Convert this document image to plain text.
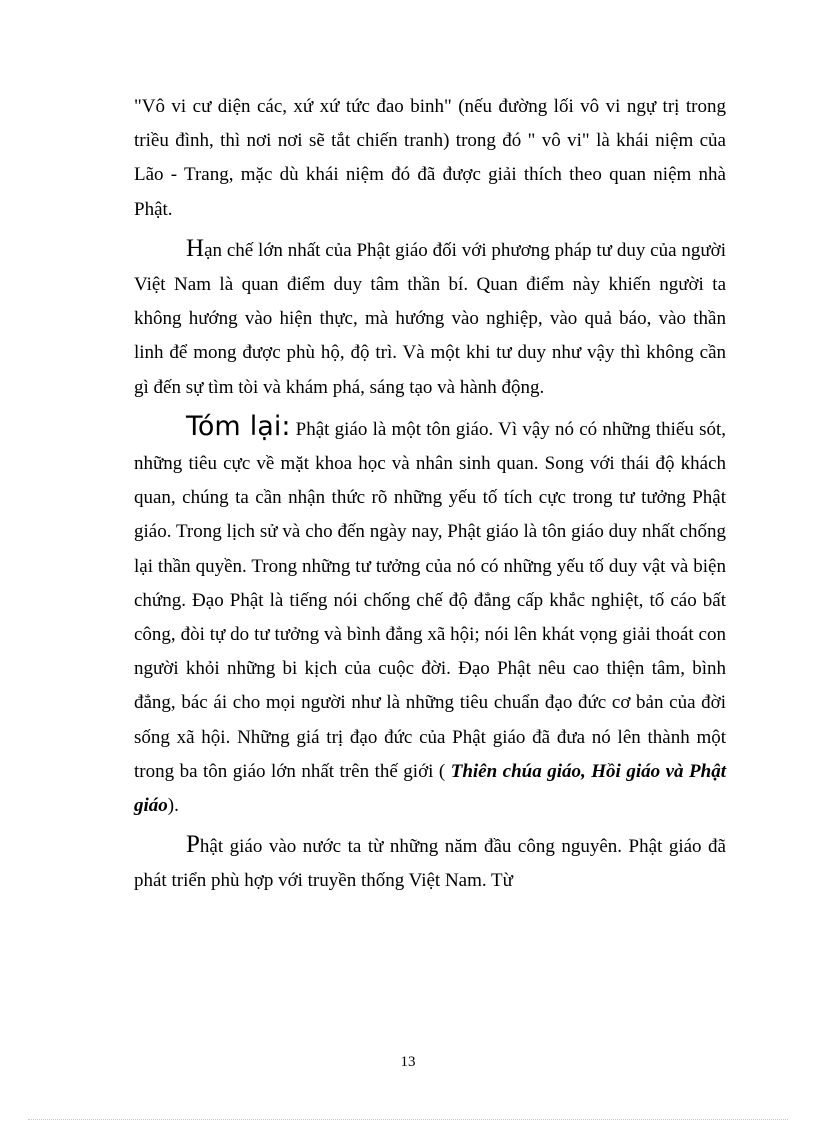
"Vô vi cư diện các, xứ xứ tức đao binh" (nếu đường lối vô vi ngự trị trong triều đình, thì nơi nơi sẽ tắt chiến tranh) trong đó " vô vi" là khái niệm của Lão - Trang, mặc dù khái niệm đó đã được giải thích theo quan niệm nhà Phật.

Hạn chế lớn nhất của Phật giáo đối với phương pháp tư duy của người Việt Nam là quan điểm duy tâm thần bí. Quan điểm này khiến người ta không hướng vào hiện thực, mà hướng vào nghiệp, vào quả báo, vào thần linh để mong được phù hộ, độ trì. Và một khi tư duy như vậy thì không cần gì đến sự tìm tòi và khám phá, sáng tạo và hành động.

Tóm lại: Phật giáo là một tôn giáo. Vì vậy nó có những thiếu sót, những tiêu cực về mặt khoa học và nhân sinh quan. Song với thái độ khách quan, chúng ta cần nhận thức rõ những yếu tố tích cực trong tư tưởng Phật giáo. Trong lịch sử và cho đến ngày nay, Phật giáo là tôn giáo duy nhất chống lại thần quyền. Trong những tư tưởng của nó có những yếu tố duy vật và biện chứng. Đạo Phật là tiếng nói chống chế độ đẳng cấp khắc nghiệt, tố cáo bất công, đòi tự do tư tưởng và bình đẳng xã hội; nói lên khát vọng giải thoát con người khỏi những bi kịch của cuộc đời. Đạo Phật nêu cao thiện tâm, bình đẳng, bác ái cho mọi người như là những tiêu chuẩn đạo đức cơ bản của đời sống xã hội. Những giá trị đạo đức của Phật giáo đã đưa nó lên thành một trong ba tôn giáo lớn nhất trên thế giới ( Thiên chúa giáo, Hồi giáo và Phật giáo).

Phật giáo vào nước ta từ những năm đầu công nguyên. Phật giáo đã phát triển phù hợp với truyền thống Việt Nam. Từ

13
